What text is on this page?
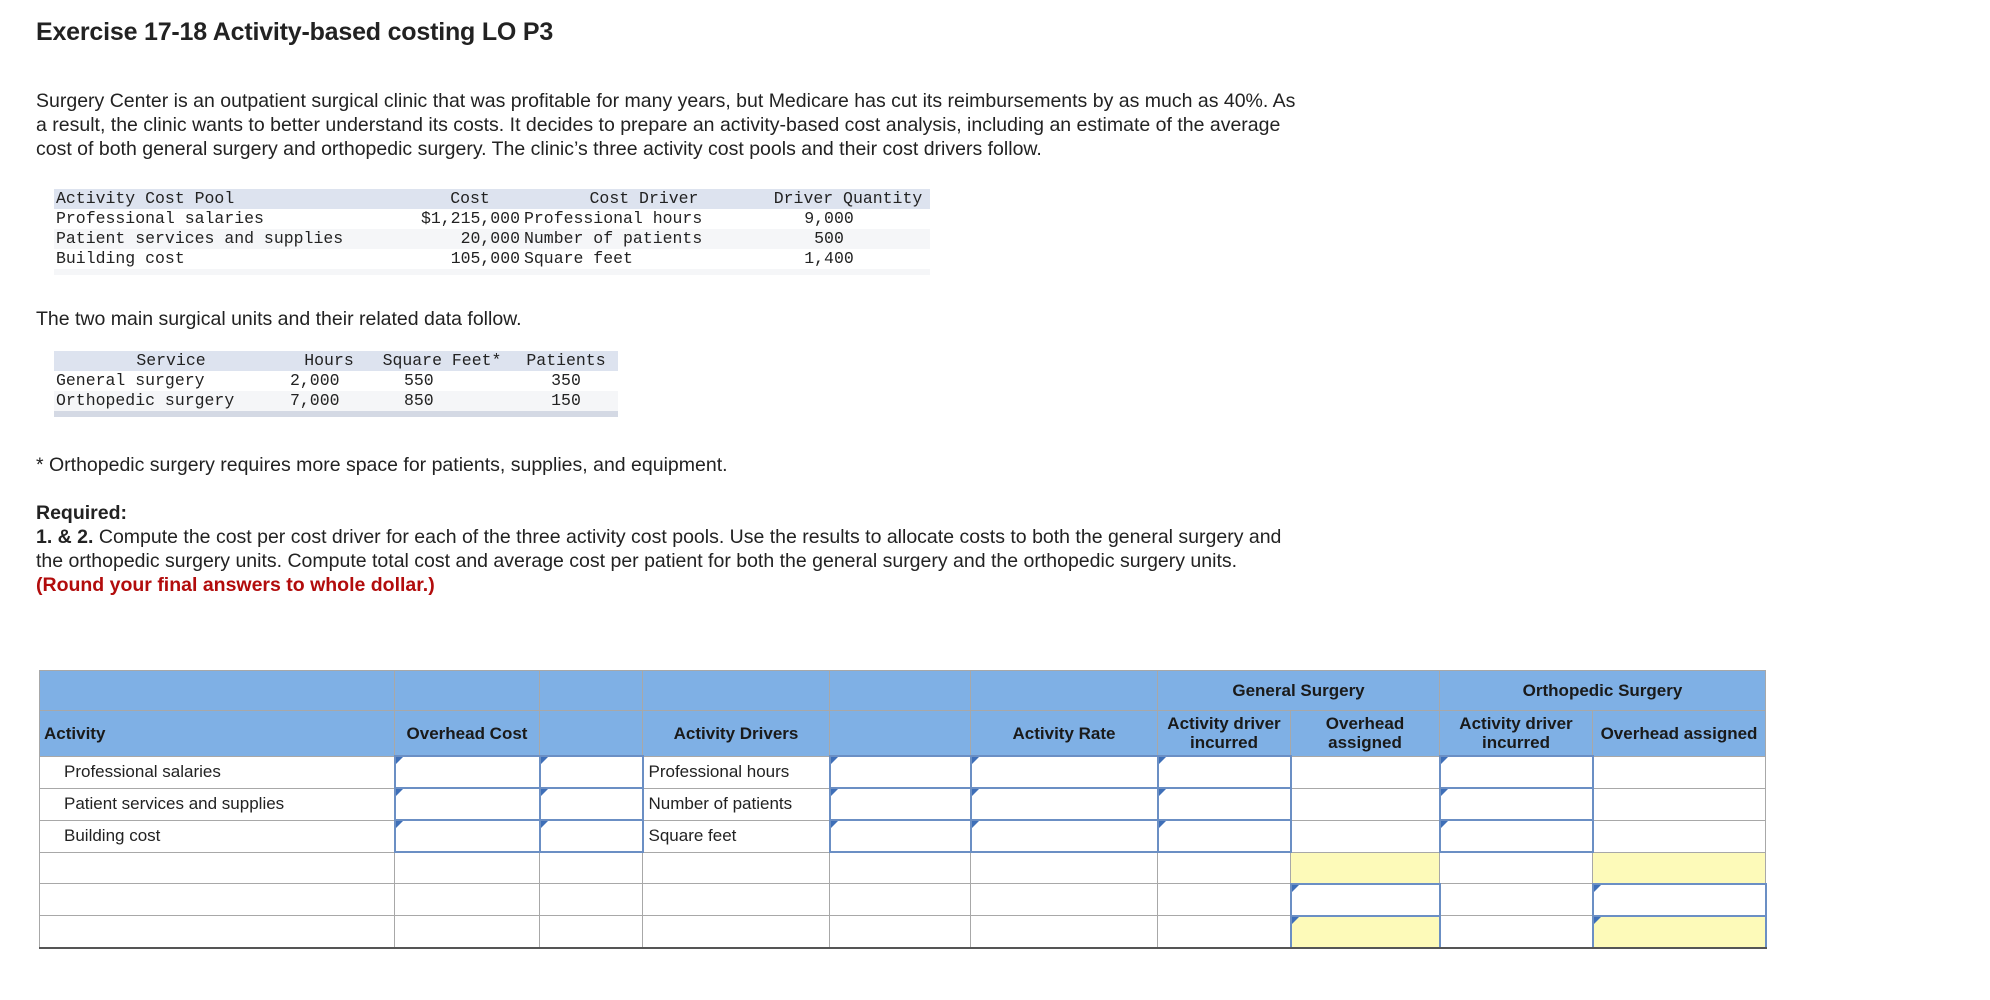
Exercise 17-18 Activity-based costing LO P3
Surgery Center is an outpatient surgical clinic that was profitable for many years, but Medicare has cut its reimbursements by as much as 40%. As a result, the clinic wants to better understand its costs. It decides to prepare an activity-based cost analysis, including an estimate of the average cost of both general surgery and orthopedic surgery. The clinic’s three activity cost pools and their cost drivers follow.
Activity Cost Pool	Cost	Cost Driver	Driver Quantity
Professional salaries	$1,215,000	Professional hours	9,000
Patient services and supplies	20,000	Number of patients	500
Building cost	105,000	Square feet	1,400

The two main surgical units and their related data follow.
Service	Hours	Square Feet*	Patients
General surgery	2,000	550	350
Orthopedic surgery	7,000	850	150

* Orthopedic surgery requires more space for patients, supplies, and equipment.
Required:
1. & 2. Compute the cost per cost driver for each of the three activity cost pools. Use the results to allocate costs to both the general surgery and the orthopedic surgery units. Compute total cost and average cost per patient for both the general surgery and the orthopedic surgery units. (Round your final answers to whole dollar.)
						General Surgery		Orthopedic Surgery	
Activity	Overhead Cost		Activity Drivers		Activity Rate	Activity driver incurred	Overhead assigned	Activity driver incurred	Overhead assigned
Professional salaries			Professional hours						
Patient services and supplies			Number of patients						
Building cost			Square feet						
